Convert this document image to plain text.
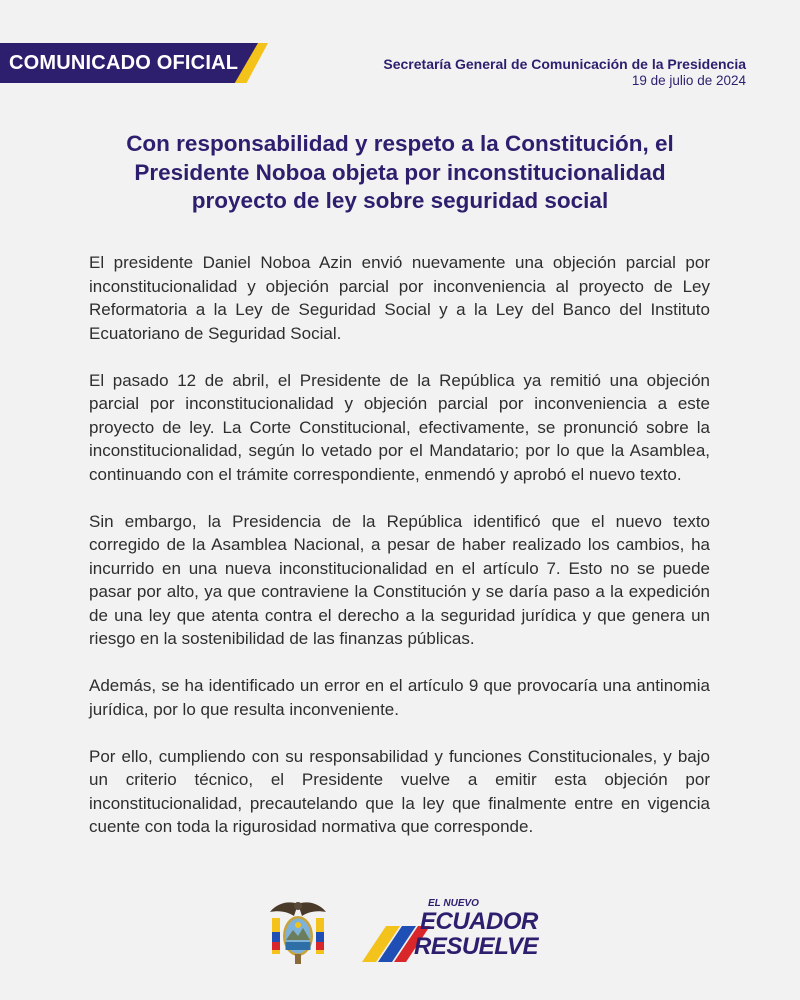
COMUNICADO OFICIAL	Secretaría General de Comunicación de la Presidencia
19 de julio de 2024
Con responsabilidad y respeto a la Constitución, el
Presidente Noboa objeta por inconstitucionalidad
proyecto de ley sobre seguridad social

El presidente Daniel Noboa Azin envió nuevamente una objeción parcial por inconstitucionalidad y objeción parcial por inconveniencia al proyecto de Ley Reformatoria a la Ley de Seguridad Social y a la Ley del Banco del Instituto Ecuatoriano de Seguridad Social.

El pasado 12 de abril, el Presidente de la República ya remitió una objeción parcial por inconstitucionalidad y objeción parcial por inconveniencia a este proyecto de ley. La Corte Constitucional, efectivamente, se pronunció sobre la inconstitucionalidad, según lo vetado por el Mandatario; por lo que la Asamblea, continuando con el trámite correspondiente, enmendó y aprobó el nuevo texto.

Sin embargo, la Presidencia de la República identificó que el nuevo texto corregido de la Asamblea Nacional, a pesar de haber realizado los cambios, ha incurrido en una nueva inconstitucionalidad en el artículo 7. Esto no se puede pasar por alto, ya que contraviene la Constitución y se daría paso a la expedición de una ley que atenta contra el derecho a la seguridad jurídica y que genera un riesgo en la sostenibilidad de las finanzas públicas.

Además, se ha identificado un error en el artículo 9 que provocaría una antinomia jurídica, por lo que resulta inconveniente.

Por ello, cumpliendo con su responsabilidad y funciones Constitucionales, y bajo un criterio técnico, el Presidente vuelve a emitir esta objeción por inconstitucionalidad, precautelando que la ley que finalmente entre en vigencia cuente con toda la rigurosidad normativa que corresponde.

EL NUEVO
ECUADOR
RESUELVE
